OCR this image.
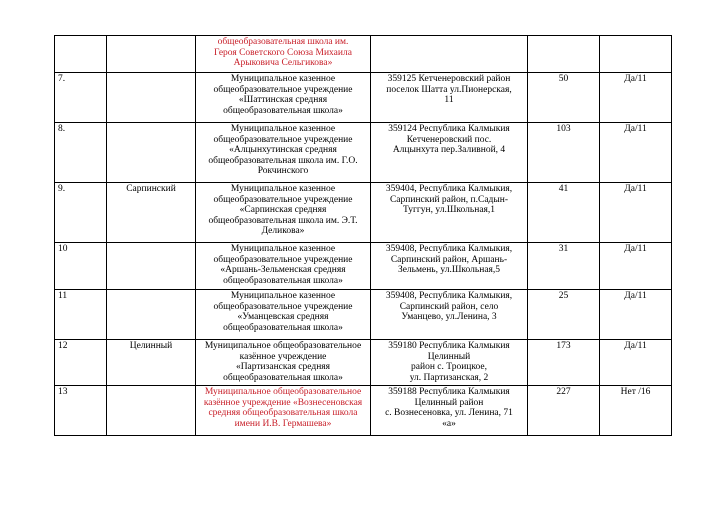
		общеобразовательная школа им.
Героя Советского Союза Михаила
Арыковича Сельгикова»			
7.		Муниципальное казенное
общеобразовательное учреждение
«Шаттинская средняя
общеобразовательная школа»	359125 Кетченеровский район
поселок Шатта ул.Пионерская,
11	50	Да/11
8.		Муниципальное казенное
общеобразовательное учреждение
«Алцынхутинская средняя
общеобразовательная школа им. Г.О.
Рокчинского	359124 Республика Калмыкия
Кетченеровский пос.
Алцынхута пер.Заливной, 4	103	Да/11
9.	Сарпинский	Муниципальное казенное
общеобразовательное учреждение
«Сарпинская средняя
общеобразовательная школа им. Э.Т.
Деликова»	359404, Республика Калмыкия,
Сарпинский район, п.Садын-
Туггун, ул.Школьная,1	41	Да/11
10		Муниципальное казенное
общеобразовательное учреждение
«Аршань-Зельменская средняя
общеобразовательная школа»	359408, Республика Калмыкия,
Сарпинский район, Аршань-
Зельмень, ул.Школьная,5	31	Да/11
11		Муниципальное казенное
общеобразовательное учреждение
«Уманцевская средняя
общеобразовательная школа»	359408, Республика Калмыкия,
Сарпинский район, село
Уманцево, ул.Ленина, 3	25	Да/11
12	Целинный	Муниципальное общеобразовательное
казённое учреждение
«Партизанская средняя
общеобразовательная школа»	359180 Республика Калмыкия
Целинный
район с. Троицкое,
ул. Партизанская, 2	173	Да/11
13		Муниципальное общеобразовательное
казённое учреждение «Вознесеновская
средняя общеобразовательная школа
имени И.В. Гермашева»	359188 Республика Калмыкия
Целинный район
с. Вознесеновка, ул. Ленина, 71
«а»	227	Нет /16
